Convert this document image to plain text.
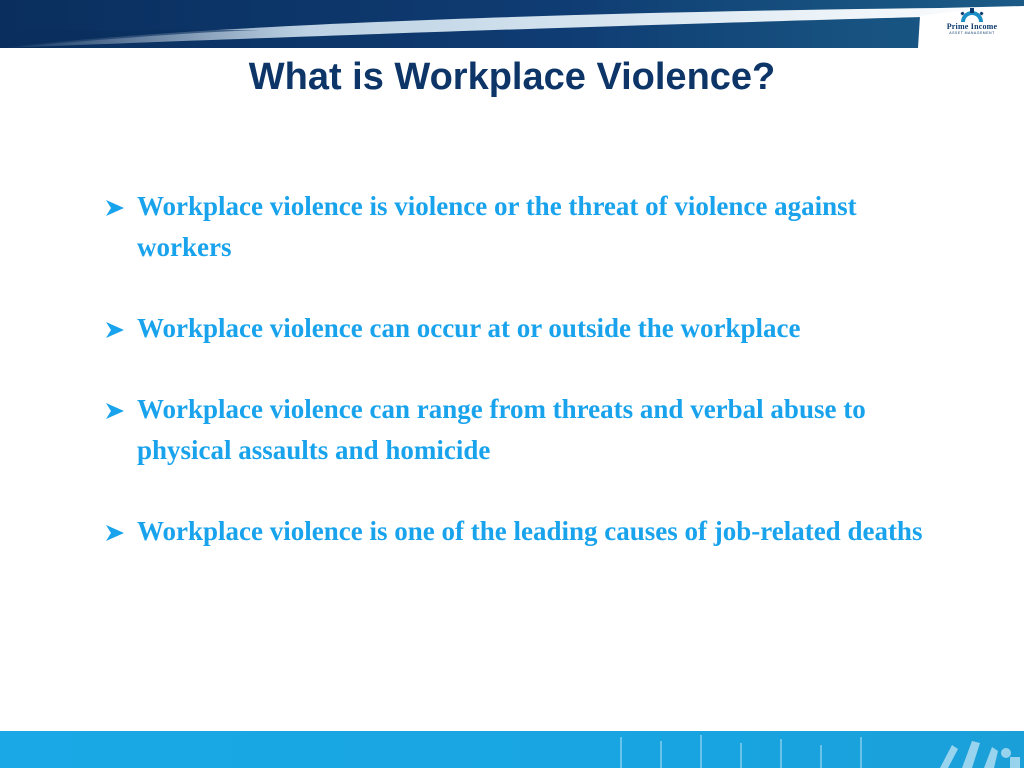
Prime Income
ASSET MANAGEMENT
What is Workplace Violence?
Workplace violence is violence or the threat of violence against workers
Workplace violence can occur at or outside the workplace
Workplace violence can range from threats and verbal abuse to physical assaults and homicide
Workplace violence is one of the leading causes of job-related deaths
